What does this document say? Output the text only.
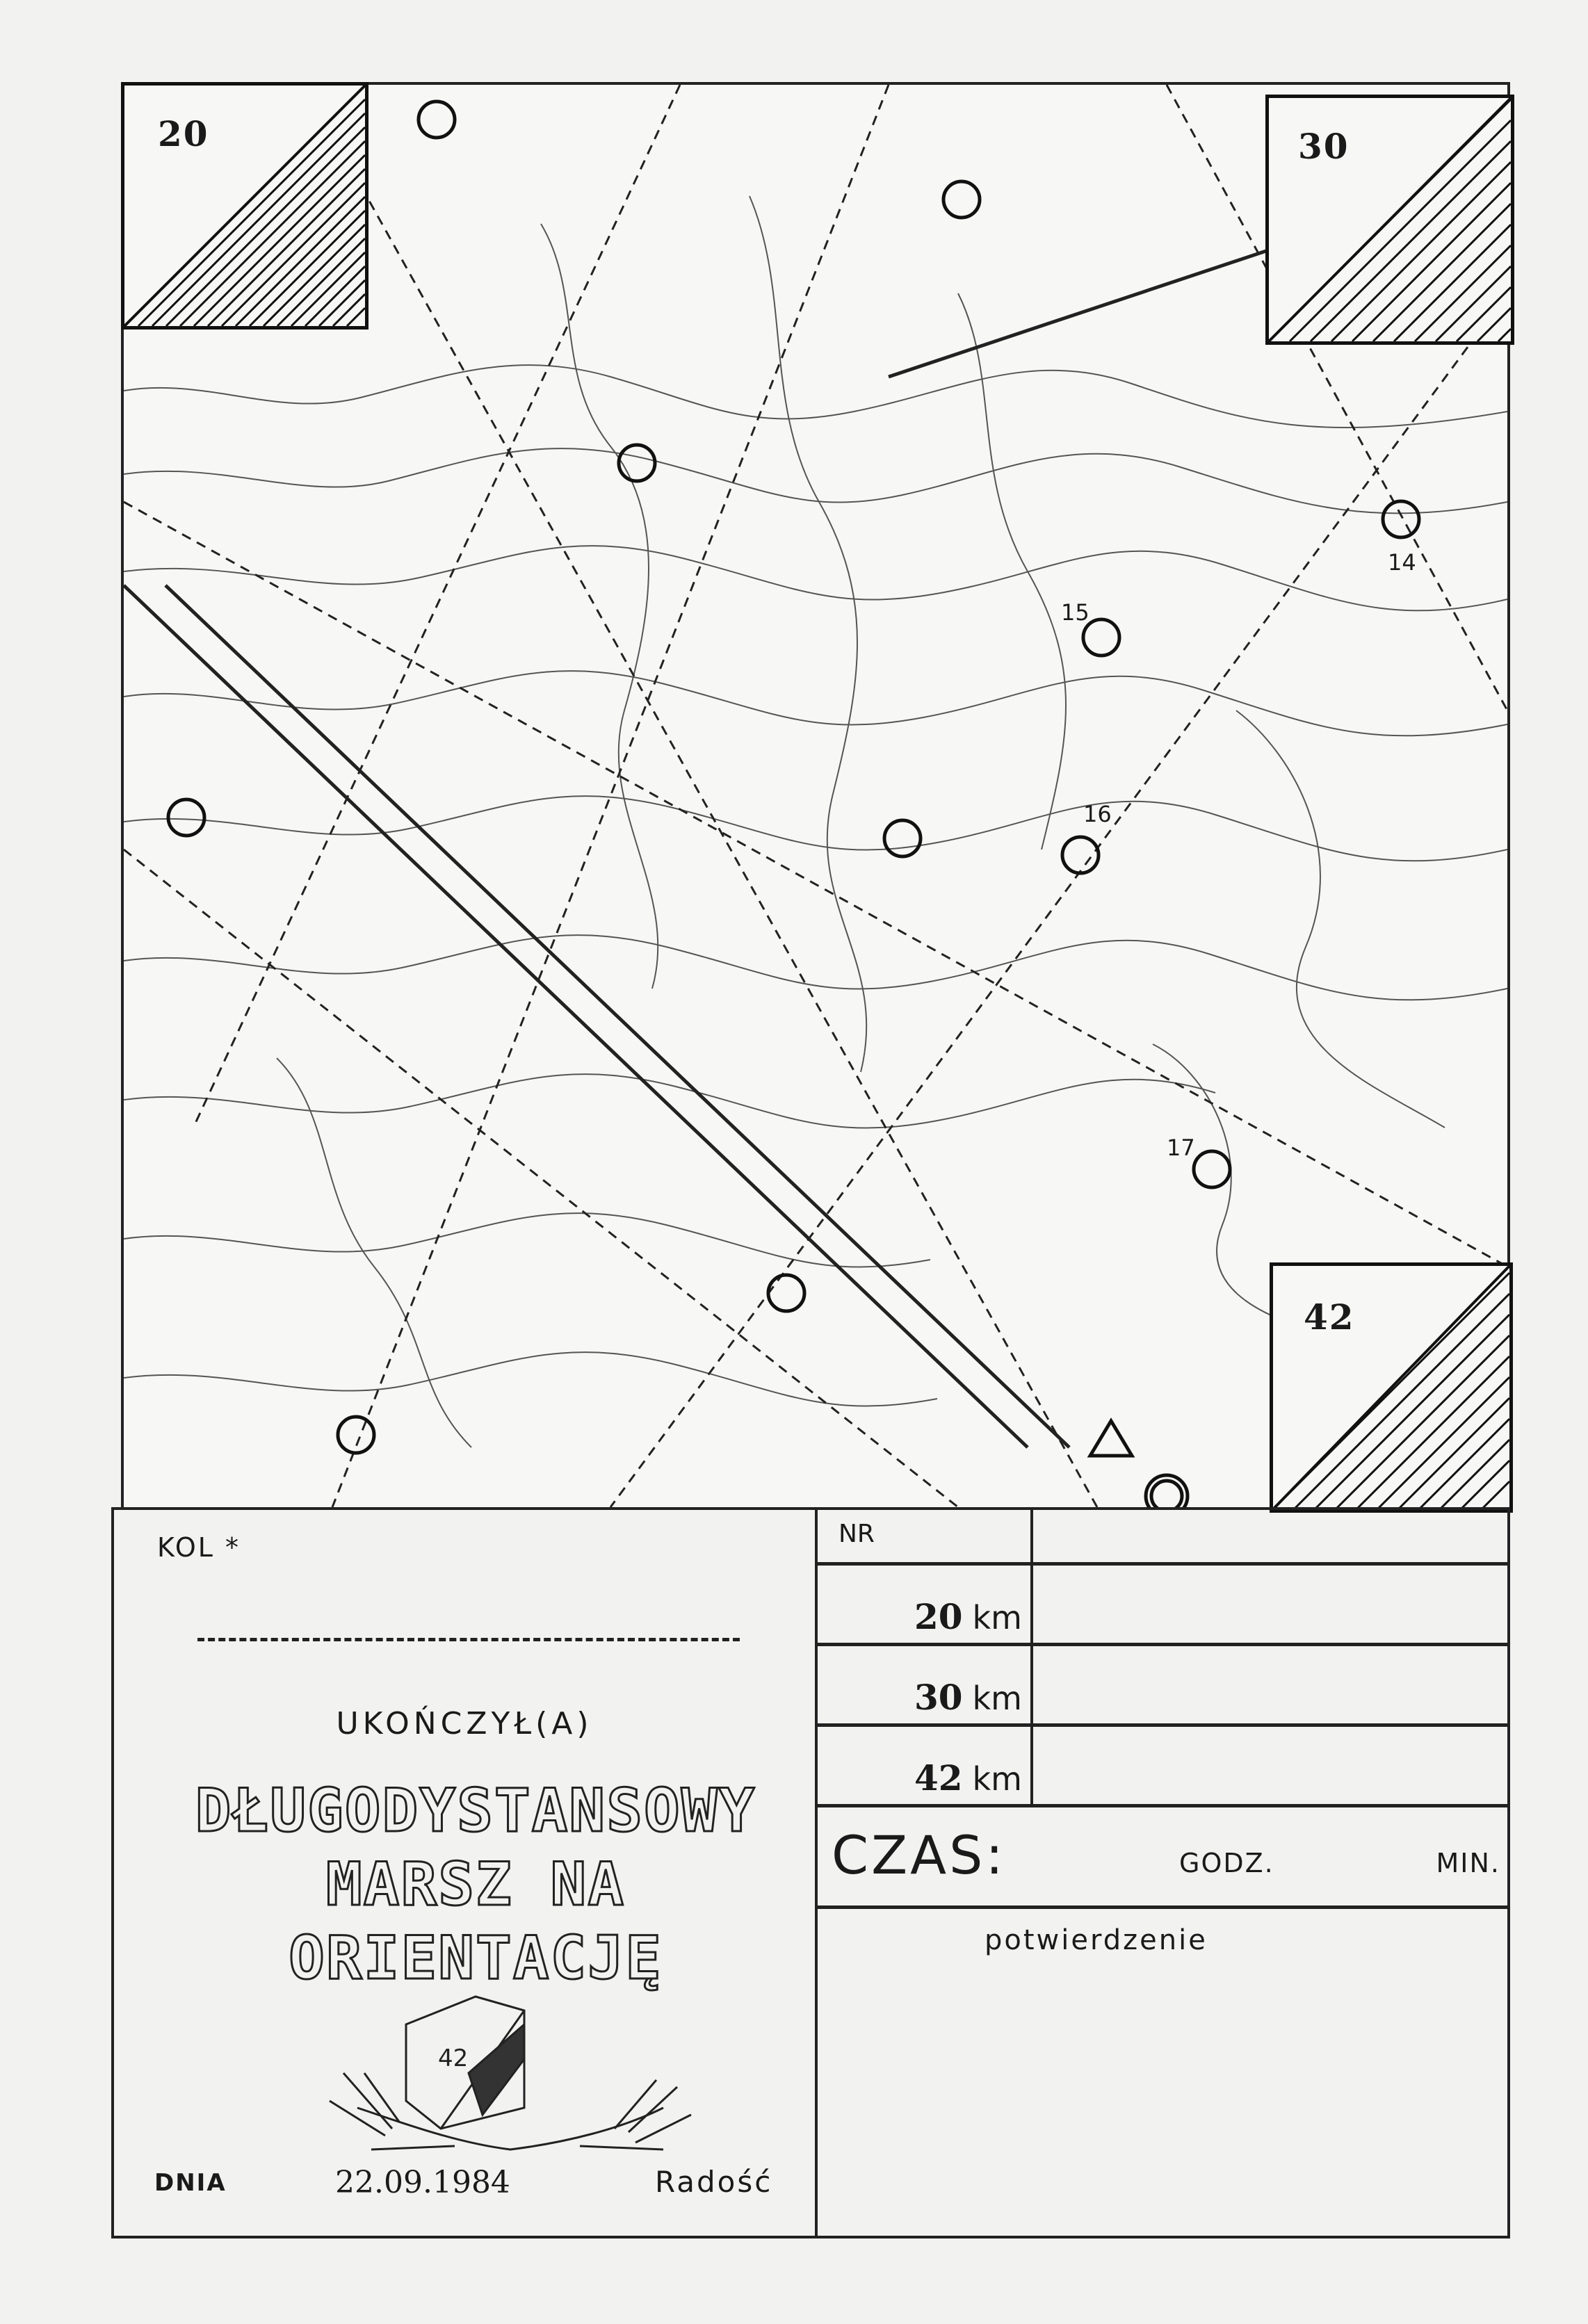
14
15
16
17
20	30
42
KOL *
UKOŃCZYŁ(A)
DŁUGODYSTANSOWY
MARSZ NA ORIENTACJĘ
42
DNIA	22.09.1984	Radość
NR
20 km
30 km
42 km
CZAS:	GODZ.	MIN.
potwierdzenie
